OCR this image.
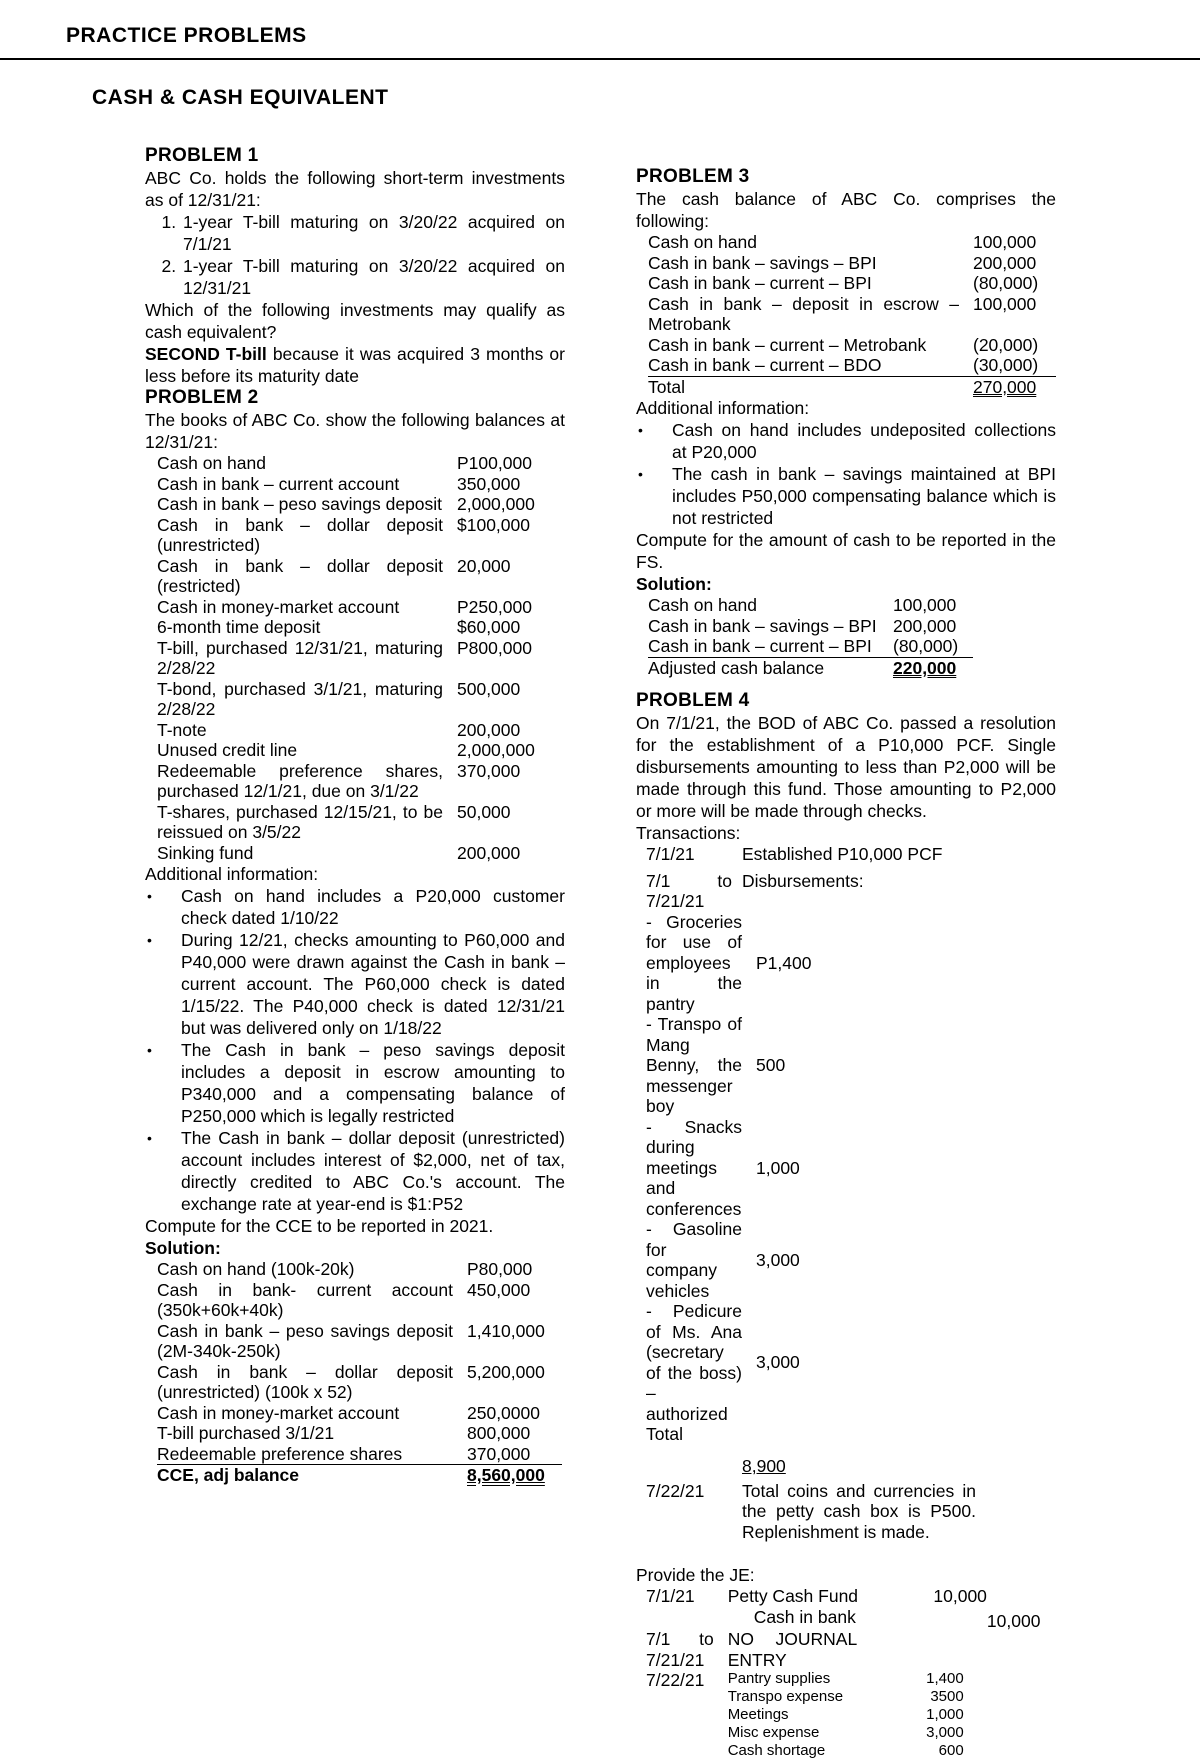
PRACTICE PROBLEMS
CASH & CASH EQUIVALENT
PROBLEM 1
ABC Co. holds the following short-term investments as of 12/31/21:
1. 1-year T-bill maturing on 3/20/22 acquired on 7/1/21
2. 1-year T-bill maturing on 3/20/22 acquired on 12/31/21
Which of the following investments may qualify as cash equivalent?
SECOND T-bill because it was acquired 3 months or less before its maturity date
PROBLEM 2
The books of ABC Co. show the following balances at 12/31/21:
Cash on hand	P100,000
Cash in bank – current account	350,000
Cash in bank – peso savings deposit	2,000,000
Cash in bank – dollar deposit (unrestricted)	$100,000
Cash in bank – dollar deposit (restricted)	20,000
Cash in money-market account	P250,000
6-month time deposit	$60,000
T-bill, purchased 12/31/21, maturing 2/28/22	P800,000
T-bond, purchased 3/1/21, maturing 2/28/22	500,000
T-note	200,000
Unused credit line	2,000,000
Redeemable preference shares, purchased 12/1/21, due on 3/1/22	370,000
T-shares, purchased 12/15/21, to be reissued on 3/5/22	50,000
Sinking fund	200,000
Additional information:
• Cash on hand includes a P20,000 customer check dated 1/10/22
• During 12/21, checks amounting to P60,000 and P40,000 were drawn against the Cash in bank – current account. The P60,000 check is dated 1/15/22. The P40,000 check is dated 12/31/21 but was delivered only on 1/18/22
• The Cash in bank – peso savings deposit includes a deposit in escrow amounting to P340,000 and a compensating balance of P250,000 which is legally restricted
• The Cash in bank – dollar deposit (unrestricted) account includes interest of $2,000, net of tax, directly credited to ABC Co.'s account. The exchange rate at year-end is $1:P52
Compute for the CCE to be reported in 2021.
Solution:
Cash on hand (100k-20k)	P80,000
Cash in bank- current account (350k+60k+40k)	450,000
Cash in bank – peso savings deposit (2M-340k-250k)	1,410,000
Cash in bank – dollar deposit (unrestricted) (100k x 52)	5,200,000
Cash in money-market account	250,0000
T-bill purchased 3/1/21	800,000
Redeemable preference shares	370,000
CCE, adj balance	8,560,000
PROBLEM 3
The cash balance of ABC Co. comprises the following:
Cash on hand	100,000
Cash in bank – savings – BPI	200,000
Cash in bank – current – BPI	(80,000)
Cash in bank – deposit in escrow – Metrobank	100,000
Cash in bank – current – Metrobank	(20,000)
Cash in bank – current – BDO	(30,000)
Total	270,000
Additional information:
• Cash on hand includes undeposited collections at P20,000
• The cash in bank – savings maintained at BPI includes P50,000 compensating balance which is not restricted
Compute for the amount of cash to be reported in the FS.
Solution:
Cash on hand	100,000
Cash in bank – savings – BPI	200,000
Cash in bank – current – BPI	(80,000)
Adjusted cash balance	220,000
PROBLEM 4
On 7/1/21, the BOD of ABC Co. passed a resolution for the establishment of a P10,000 PCF. Single disbursements amounting to less than P2,000 will be made through this fund. Those amounting to P2,000 or more will be made through checks.
Transactions:
7/1/21	Established P10,000 PCF	

7/1 to 7/21/21	Disbursements:	
- Groceries for use of employees in the pantry	P1,400	
- Transpo of Mang Benny, the messenger boy	500	
- Snacks during meetings and conferences	1,000	
- Gasoline for company vehicles	3,000	
- Pedicure of Ms. Ana (secretary of the boss) – authorized	3,000	
Total		
	8,900	

7/22/21	Total coins and currencies in the petty cash box is P500. Replenishment is made.	
Provide the JE:
7/1/21	Petty Cash Fund	10,000	
	Cash in bank		10,000

7/1 to 7/21/21	NO JOURNAL ENTRY		
7/22/21	Pantry supplies	1,400
Transpo expense	3500
Meetings	1,000
Misc expense	3,000
Cash shortage	600
